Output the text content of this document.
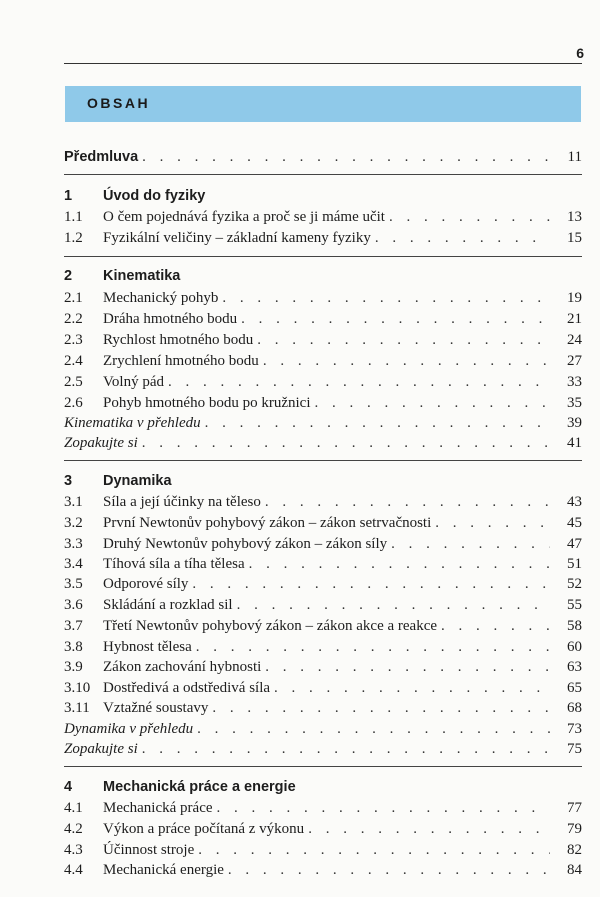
6
OBSAH
Předmluva . . .	11
1	Úvod do fyziky
1.1	O čem pojednává fyzika a proč se ji máme učit . . .	13
1.2	Fyzikální veličiny – základní kameny fyziky . . .	15
2	Kinematika
2.1	Mechanický pohyb . . .	19
2.2	Dráha hmotného bodu . . .	21
2.3	Rychlost hmotného bodu . . .	24
2.4	Zrychlení hmotného bodu . . .	27
2.5	Volný pád . . .	33
2.6	Pohyb hmotného bodu po kružnici . . .	35
Kinematika v přehledu . . .	39
Zopakujte si . . .	41
3	Dynamika
3.1	Síla a její účinky na těleso . . .	43
3.2	První Newtonův pohybový zákon – zákon setrvačnosti . . .	45
3.3	Druhý Newtonův pohybový zákon – zákon síly . . .	47
3.4	Tíhová síla a tíha tělesa . . .	51
3.5	Odporové síly . . .	52
3.6	Skládání a rozklad sil . . .	55
3.7	Třetí Newtonův pohybový zákon – zákon akce a reakce . . .	58
3.8	Hybnost tělesa . . .	60
3.9	Zákon zachování hybnosti . . .	63
3.10 Dostředivá a odstředivá síla . . .	65
3.11 Vztažné soustavy . . .	68
Dynamika v přehledu . . .	73
Zopakujte si . . .	75
4	Mechanická práce a energie
4.1	Mechanická práce . . .	77
4.2	Výkon a práce počítaná z výkonu . . .	79
4.3	Účinnost stroje . . .	82
4.4	Mechanická energie . . .	84
